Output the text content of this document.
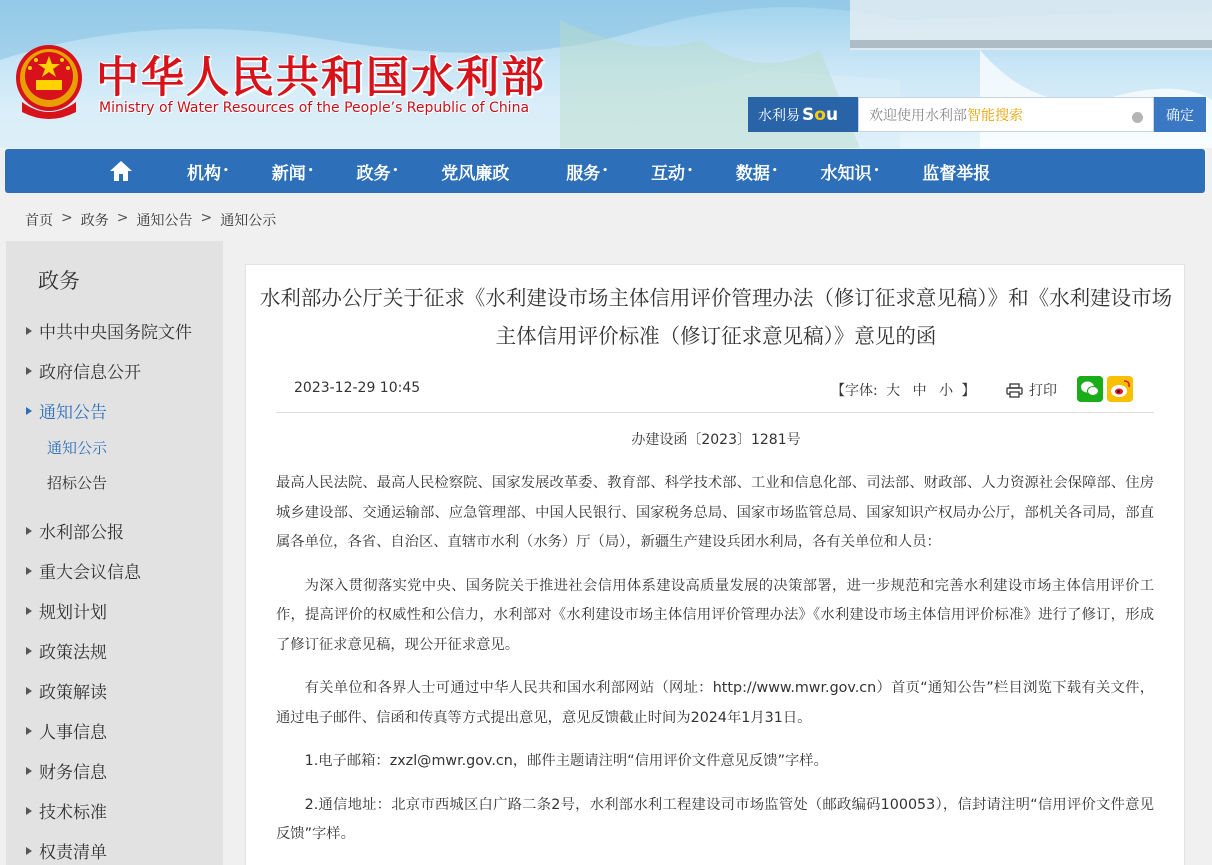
中华人民共和国水利部
Ministry of Water Resources of the People’s Republic of China	水利易 Sou 欢迎使用水利部 智能搜索	确定
机构 •	新闻 •	政务 •	党风廉政	服务 •	互动 •	数据 •	水知识 •	监督举报
首页 > 政务 > 通知公告 > 通知公示
政务
中共中央国务院文件
政府信息公开
通知公告
通知公示
招标公告
水利部公报
重大会议信息
规划计划
政策法规
政策解读
人事信息
财务信息
技术标准
权责清单
水利部办公厅关于征求《水利建设市场主体信用评价管理办法（修订征求意见稿）》和《水利建设市场主体信用评价标准（修订征求意见稿）》意见的函
2023-12-29 10:45	【字体: 大 中 小 】	打印
办建设函〔2023〕1281号

最高人民法院、最高人民检察院、国家发展改革委、教育部、科学技术部、工业和信息化部、司法部、财政部、人力资源社会保障部、住房城乡建设部、交通运输部、应急管理部、中国人民银行、国家税务总局、国家市场监管总局、国家知识产权局办公厅，部机关各司局，部直属各单位，各省、自治区、直辖市水利（水务）厅（局），新疆生产建设兵团水利局，各有关单位和人员：

为深入贯彻落实党中央、国务院关于推进社会信用体系建设高质量发展的决策部署，进一步规范和完善水利建设市场主体信用评价工作，提高评价的权威性和公信力，水利部对《水利建设市场主体信用评价管理办法》《水利建设市场主体信用评价标准》进行了修订，形成了修订征求意见稿，现公开征求意见。

有关单位和各界人士可通过中华人民共和国水利部网站（网址：http://www.mwr.gov.cn）首页“通知公告”栏目浏览下载有关文件，通过电子邮件、信函和传真等方式提出意见，意见反馈截止时间为2024年1月31日。

1.电子邮箱：zxzl@mwr.gov.cn，邮件主题请注明“信用评价文件意见反馈”字样。

2.通信地址：北京市西城区白广路二条2号，水利部水利工程建设司市场监管处（邮政编码100053），信封请注明“信用评价文件意见反馈”字样。
